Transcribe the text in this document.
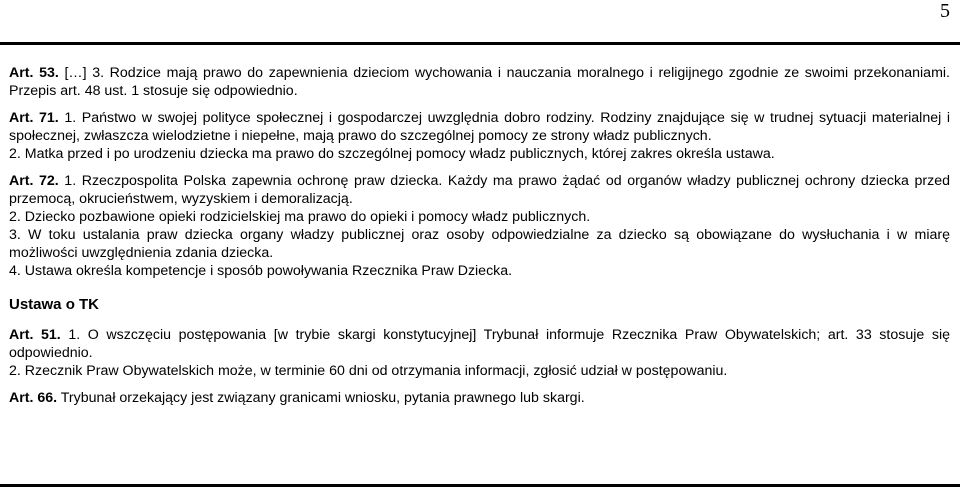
5

Art. 53. […] 3. Rodzice mają prawo do zapewnienia dzieciom wychowania i nauczania moralnego i religijnego zgodnie ze swoimi przekonaniami. Przepis art. 48 ust. 1 stosuje się odpowiednio.

Art. 71. 1. Państwo w swojej polityce społecznej i gospodarczej uwzględnia dobro rodziny. Rodziny znajdujące się w trudnej sytuacji materialnej i społecznej, zwłaszcza wielodzietne i niepełne, mają prawo do szczególnej pomocy ze strony władz publicznych.

2. Matka przed i po urodzeniu dziecka ma prawo do szczególnej pomocy władz publicznych, której zakres określa ustawa.

Art. 72. 1. Rzeczpospolita Polska zapewnia ochronę praw dziecka. Każdy ma prawo żądać od organów władzy publicznej ochrony dziecka przed przemocą, okrucieństwem, wyzyskiem i demoralizacją.

2. Dziecko pozbawione opieki rodzicielskiej ma prawo do opieki i pomocy władz publicznych.

3. W toku ustalania praw dziecka organy władzy publicznej oraz osoby odpowiedzialne za dziecko są obowiązane do wysłuchania i w miarę możliwości uwzględnienia zdania dziecka.

4. Ustawa określa kompetencje i sposób powoływania Rzecznika Praw Dziecka.

Ustawa o TK

Art. 51. 1. O wszczęciu postępowania [w trybie skargi konstytucyjnej] Trybunał informuje Rzecznika Praw Obywatelskich; art. 33 stosuje się odpowiednio.

2. Rzecznik Praw Obywatelskich może, w terminie 60 dni od otrzymania informacji, zgłosić udział w postępowaniu.

Art. 66. Trybunał orzekający jest związany granicami wniosku, pytania prawnego lub skargi.
